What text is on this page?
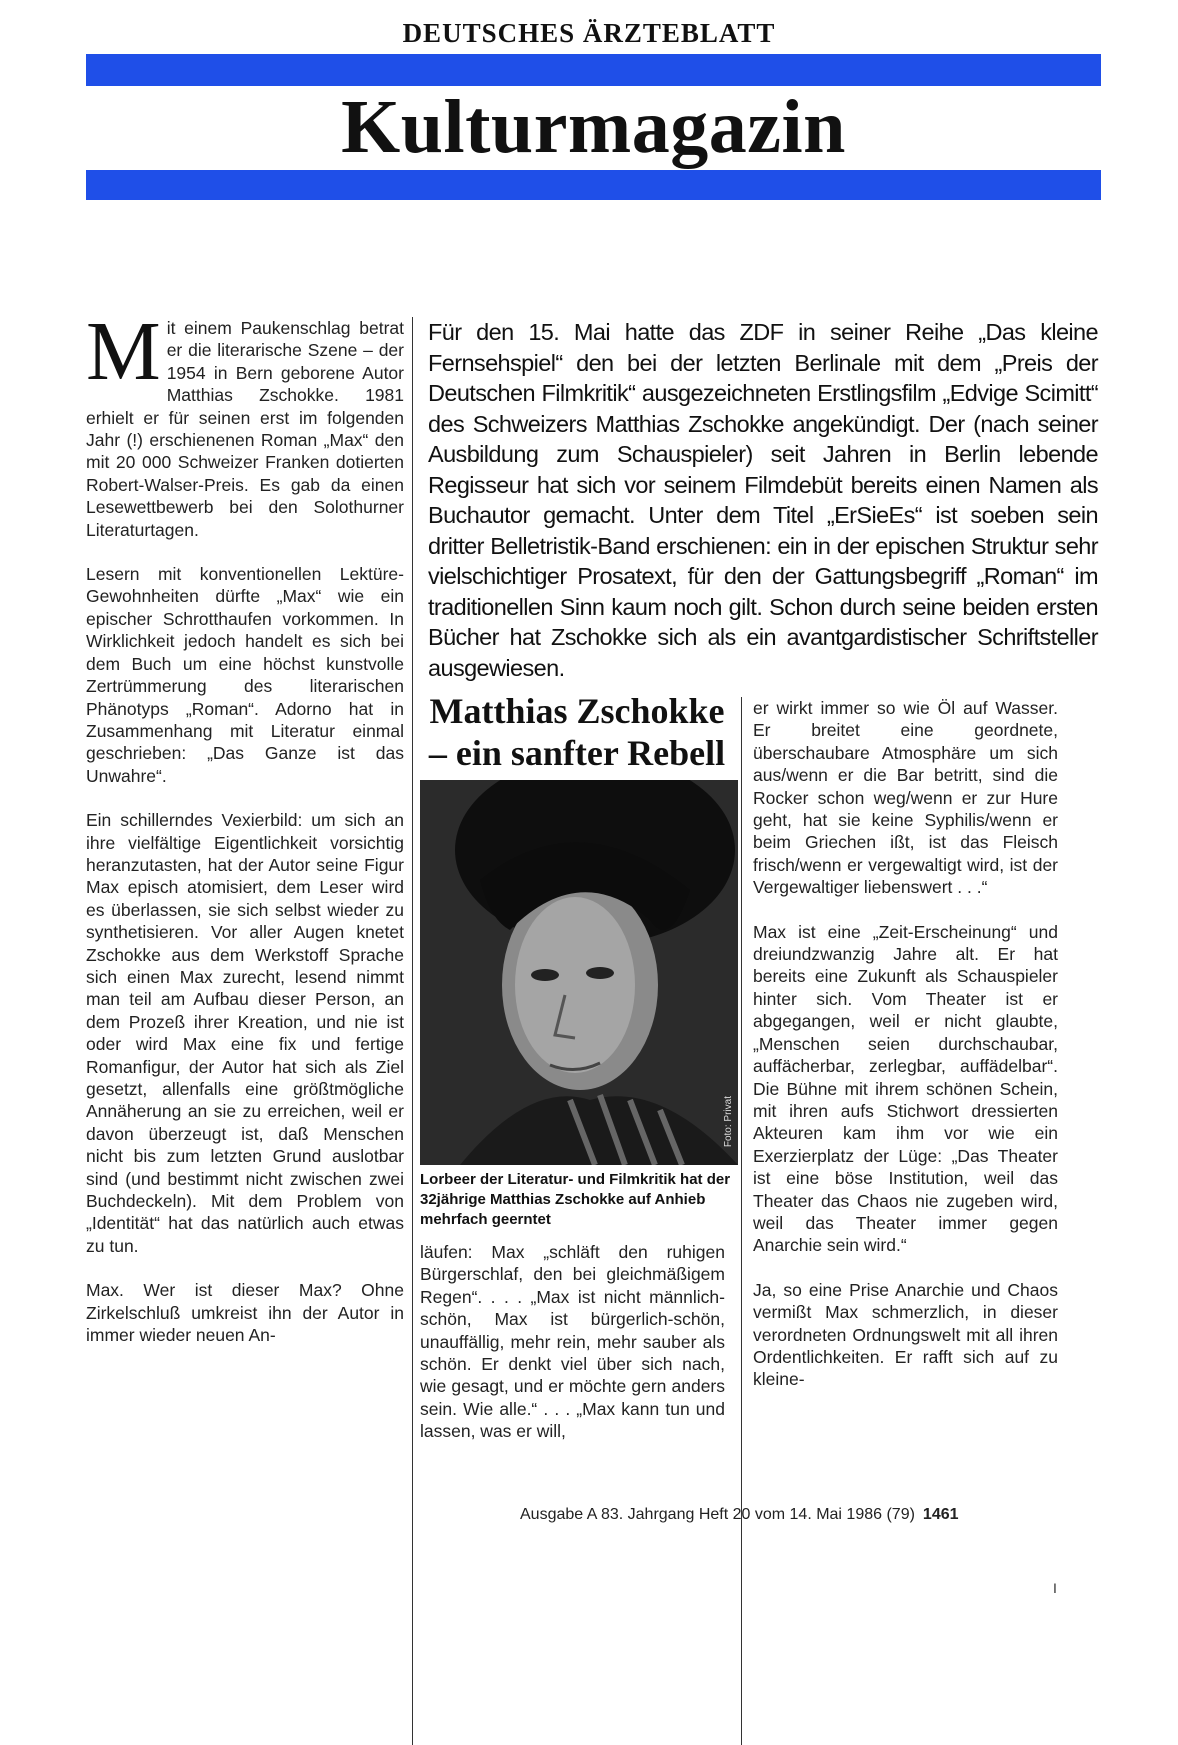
DEUTSCHES ÄRZTEBLATT
Kulturmagazin

Mit einem Paukenschlag betrat er die literarische Szene – der 1954 in Bern geborene Autor Matthias Zschokke. 1981 erhielt er für seinen erst im folgenden Jahr (!) erschienenen Roman „Max“ den mit 20 000 Schweizer Franken dotierten Robert-Walser-Preis. Es gab da einen Lesewettbewerb bei den Solothurner Literaturtagen.

Lesern mit konventionellen Lektüre-Gewohnheiten dürfte „Max“ wie ein epischer Schrotthaufen vorkommen. In Wirklichkeit jedoch handelt es sich bei dem Buch um eine höchst kunstvolle Zertrümmerung des literarischen Phänotyps „Roman“. Adorno hat in Zusammenhang mit Literatur einmal geschrieben: „Das Ganze ist das Unwahre“.

Ein schillerndes Vexierbild: um sich an ihre vielfältige Eigentlichkeit vorsichtig heranzutasten, hat der Autor seine Figur Max episch atomisiert, dem Leser wird es überlassen, sie sich selbst wieder zu synthetisieren. Vor aller Augen knetet Zschokke aus dem Werkstoff Sprache sich einen Max zurecht, lesend nimmt man teil am Aufbau dieser Person, an dem Prozeß ihrer Kreation, und nie ist oder wird Max eine fix und fertige Romanfigur, der Autor hat sich als Ziel gesetzt, allenfalls eine größtmögliche Annäherung an sie zu erreichen, weil er davon überzeugt ist, daß Menschen nicht bis zum letzten Grund auslotbar sind (und bestimmt nicht zwischen zwei Buchdeckeln). Mit dem Problem von „Identität“ hat das natürlich auch etwas zu tun.

Max. Wer ist dieser Max? Ohne Zirkelschluß umkreist ihn der Autor in immer wieder neuen An-

Für den 15. Mai hatte das ZDF in seiner Reihe „Das kleine Fernsehspiel“ den bei der letzten Berlinale mit dem „Preis der Deutschen Filmkritik“ ausgezeichneten Erstlingsfilm „Edvige Scimitt“ des Schweizers Matthias Zschokke angekündigt. Der (nach seiner Ausbildung zum Schauspieler) seit Jahren in Berlin lebende Regisseur hat sich vor seinem Filmdebüt bereits einen Namen als Buchautor gemacht. Unter dem Titel „ErSieEs“ ist soeben sein dritter Belletristik-Band erschienen: ein in der epischen Struktur sehr vielschichtiger Prosatext, für den der Gattungsbegriff „Roman“ im traditionellen Sinn kaum noch gilt. Schon durch seine beiden ersten Bücher hat Zschokke sich als ein avantgardistischer Schriftsteller ausgewiesen.
Matthias Zschokke – ein sanfter Rebell
Foto: Privat
Lorbeer der Literatur- und Filmkritik hat der 32jährige Matthias Zschokke auf Anhieb mehrfach geerntet

läufen: Max „schläft den ruhigen Bürgerschlaf, den bei gleichmäßigem Regen“. . . . „Max ist nicht männlich-schön, Max ist bürgerlich-schön, unauffällig, mehr rein, mehr sauber als schön. Er denkt viel über sich nach, wie gesagt, und er möchte gern anders sein. Wie alle.“ . . . „Max kann tun und lassen, was er will,

er wirkt immer so wie Öl auf Wasser. Er breitet eine geordnete, überschaubare Atmosphäre um sich aus/wenn er die Bar betritt, sind die Rocker schon weg/wenn er zur Hure geht, hat sie keine Syphilis/wenn er beim Griechen ißt, ist das Fleisch frisch/wenn er vergewaltigt wird, ist der Vergewaltiger liebenswert . . .“

Max ist eine „Zeit-Erscheinung“ und dreiundzwanzig Jahre alt. Er hat bereits eine Zukunft als Schauspieler hinter sich. Vom Theater ist er abgegangen, weil er nicht glaubte, „Menschen seien durchschaubar, auffächerbar, zerlegbar, auffädelbar“. Die Bühne mit ihrem schönen Schein, mit ihren aufs Stichwort dressierten Akteuren kam ihm vor wie ein Exerzierplatz der Lüge: „Das Theater ist eine böse Institution, weil das Theater das Chaos nie zugeben wird, weil das Theater immer gegen Anarchie sein wird.“

Ja, so eine Prise Anarchie und Chaos vermißt Max schmerzlich, in dieser verordneten Ordnungswelt mit all ihren Ordentlichkeiten. Er rafft sich auf zu kleine-

Ausgabe A 83. Jahrgang Heft 20 vom 14. Mai 1986 (79) 1461
I
